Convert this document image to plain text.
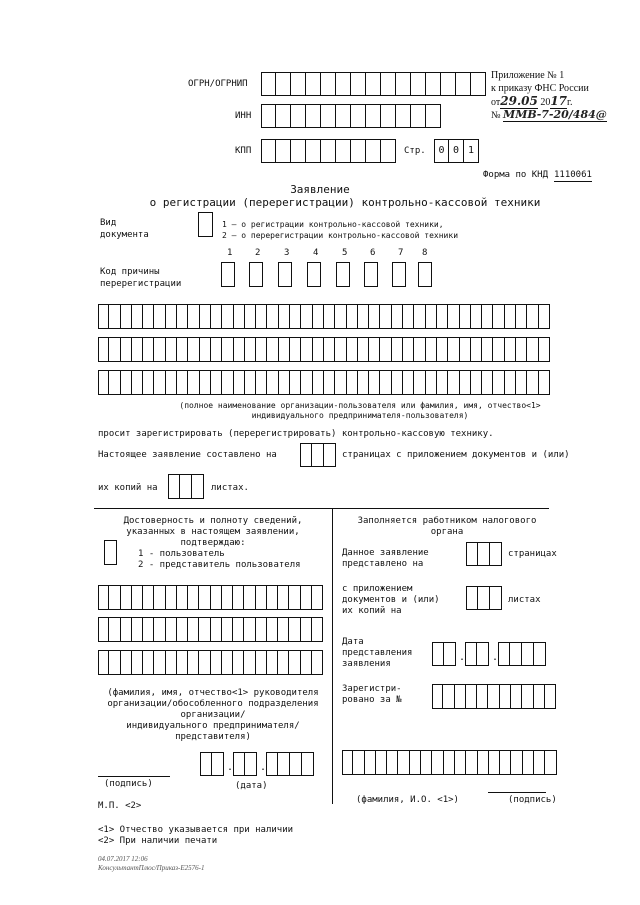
Приложение № 1
к приказу ФНС России
от29.05 2017г.
№ ММВ-7-20/484@
ОГРН/ОГРНИП
ИНН
КПП	Стр.	0 0 1
Форма по КНД 1110061
Заявление
о регистрации (перерегистрации) контрольно-кассовой техники
Вид
документа
1 – о регистрации контрольно-кассовой техники,
2 – о перерегистрации контрольно-кассовой техники
1	2	3	4	5	6	7 8
Код причины
перерегистрации
(полное наименование организации-пользователя или фамилия, имя, отчество<1>
индивидуального предпринимателя-пользователя)
просит зарегистрировать (перерегистрировать) контрольно-кассовую технику.
Настоящее заявление составлено на	страницах с приложением документов и (или)
их копий на	листах.
Достоверность и полноту сведений,
указанных в настоящем заявлении,
подтверждаю:
1 - пользователь
2 - представитель пользователя
(фамилия, имя, отчество<1> руководителя
организации/обособленного подразделения
организации/
индивидуального предпринимателя/
представителя)
(подпись)
.	.
(дата)
М.П. <2>
Заполняется работником налогового
органа
Данное заявление
представлено на
страницах
с приложением
документов и (или)
их копий на
листах
Дата
представления
заявления
.	.
Зарегистри-
ровано за №
(фамилия, И.О. <1>)	(подпись)
<1> Отчество указывается при наличии
<2> При наличии печати
04.07.2017 12:06
КонсультантПлюс/Приказ-Е2576-1
